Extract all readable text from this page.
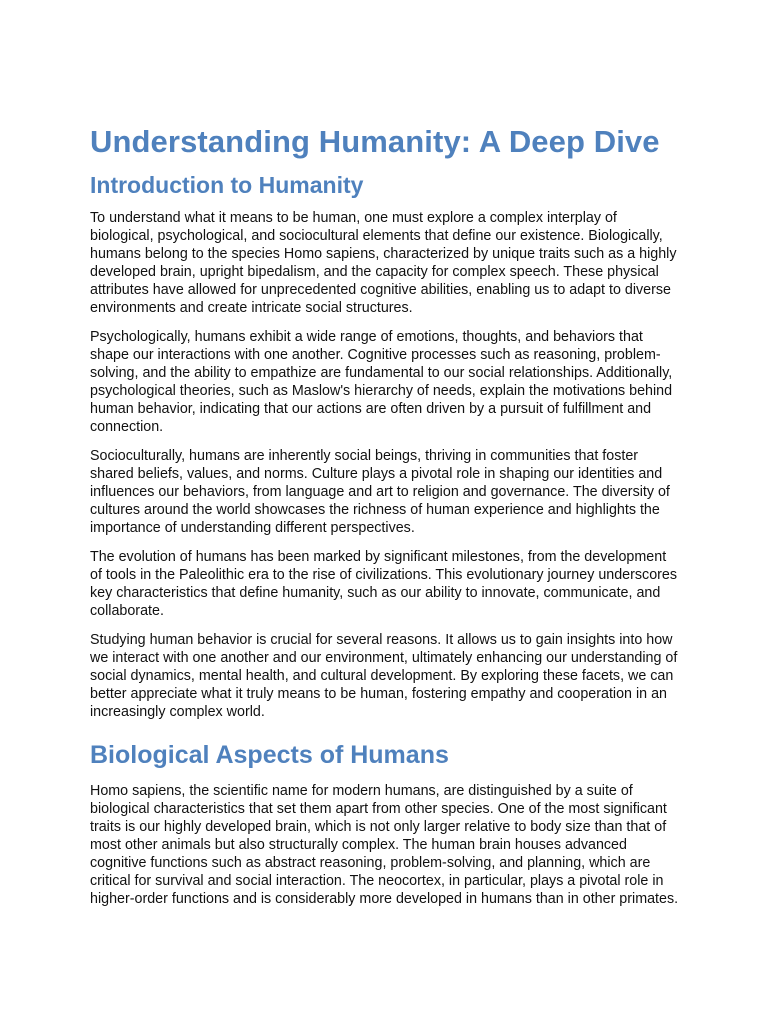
Understanding Humanity: A Deep Dive
Introduction to Humanity

To understand what it means to be human, one must explore a complex interplay of biological, psychological, and sociocultural elements that define our existence. Biologically, humans belong to the species Homo sapiens, characterized by unique traits such as a highly developed brain, upright bipedalism, and the capacity for complex speech. These physical attributes have allowed for unprecedented cognitive abilities, enabling us to adapt to diverse environments and create intricate social structures.

Psychologically, humans exhibit a wide range of emotions, thoughts, and behaviors that shape our interactions with one another. Cognitive processes such as reasoning, problem-solving, and the ability to empathize are fundamental to our social relationships. Additionally, psychological theories, such as Maslow's hierarchy of needs, explain the motivations behind human behavior, indicating that our actions are often driven by a pursuit of fulfillment and connection.

Socioculturally, humans are inherently social beings, thriving in communities that foster shared beliefs, values, and norms. Culture plays a pivotal role in shaping our identities and influences our behaviors, from language and art to religion and governance. The diversity of cultures around the world showcases the richness of human experience and highlights the importance of understanding different perspectives.

The evolution of humans has been marked by significant milestones, from the development of tools in the Paleolithic era to the rise of civilizations. This evolutionary journey underscores key characteristics that define humanity, such as our ability to innovate, communicate, and collaborate.

Studying human behavior is crucial for several reasons. It allows us to gain insights into how we interact with one another and our environment, ultimately enhancing our understanding of social dynamics, mental health, and cultural development. By exploring these facets, we can better appreciate what it truly means to be human, fostering empathy and cooperation in an increasingly complex world.

Biological Aspects of Humans

Homo sapiens, the scientific name for modern humans, are distinguished by a suite of biological characteristics that set them apart from other species. One of the most significant traits is our highly developed brain, which is not only larger relative to body size than that of most other animals but also structurally complex. The human brain houses advanced cognitive functions such as abstract reasoning, problem-solving, and planning, which are critical for survival and social interaction. The neocortex, in particular, plays a pivotal role in higher-order functions and is considerably more developed in humans than in other primates.
